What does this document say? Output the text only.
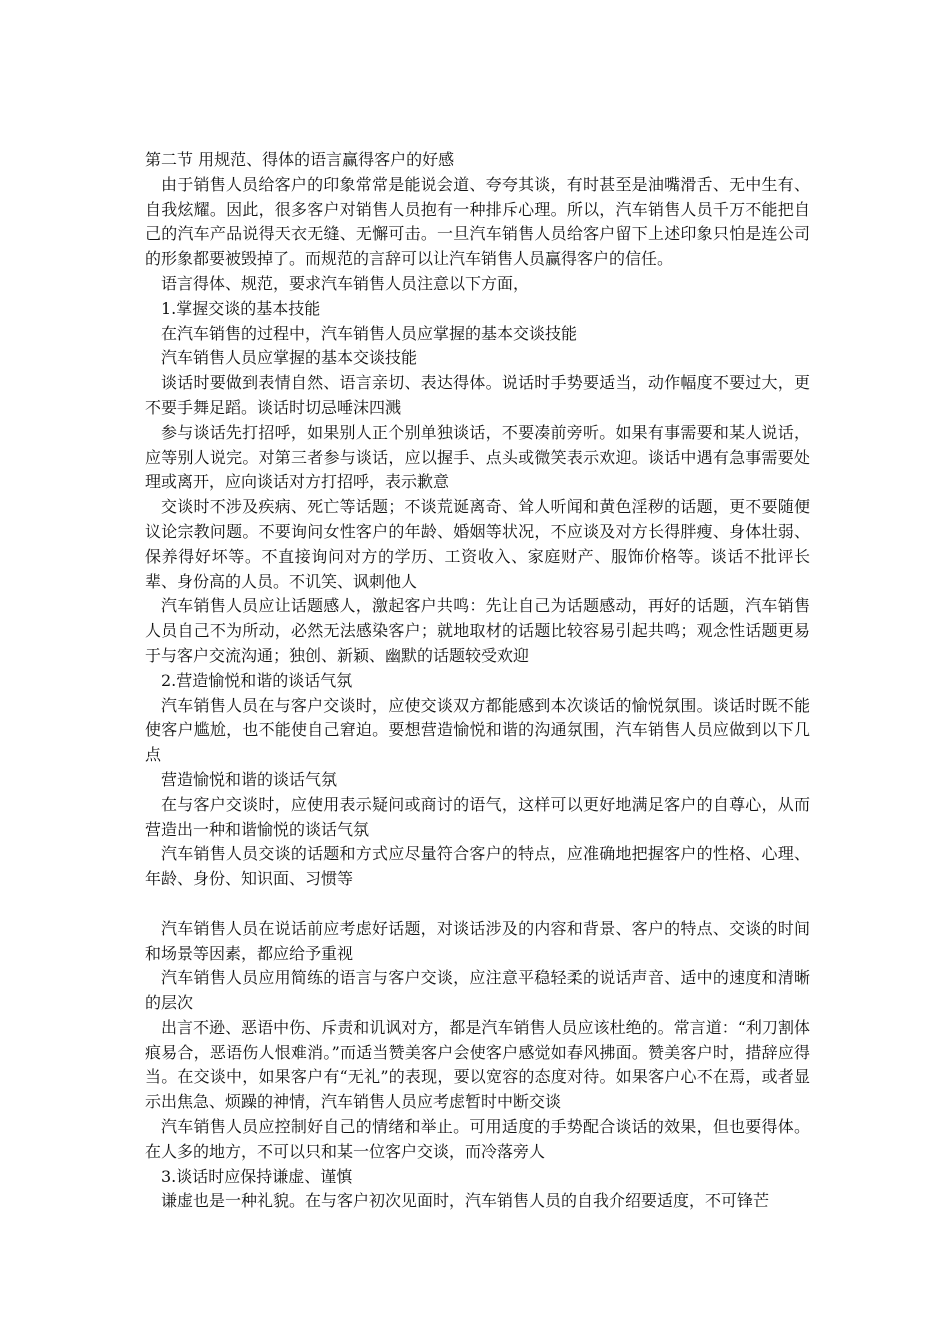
第二节 用规范、得体的语言赢得客户的好感

由于销售人员给客户的印象常常是能说会道、夸夸其谈，有时甚至是油嘴滑舌、无中生有、自我炫耀。因此，很多客户对销售人员抱有一种排斥心理。所以，汽车销售人员千万不能把自己的汽车产品说得天衣无缝、无懈可击。一旦汽车销售人员给客户留下上述印象只怕是连公司的形象都要被毁掉了。而规范的言辞可以让汽车销售人员赢得客户的信任。

语言得体、规范，要求汽车销售人员注意以下方面，

1.掌握交谈的基本技能

在汽车销售的过程中，汽车销售人员应掌握的基本交谈技能

汽车销售人员应掌握的基本交谈技能

谈话时要做到表情自然、语言亲切、表达得体。说话时手势要适当，动作幅度不要过大，更不要手舞足蹈。谈话时切忌唾沫四溅

参与谈话先打招呼，如果别人正个别单独谈话，不要凑前旁听。如果有事需要和某人说话，应等别人说完。对第三者参与谈话，应以握手、点头或微笑表示欢迎。谈话中遇有急事需要处理或离开，应向谈话对方打招呼，表示歉意

交谈时不涉及疾病、死亡等话题；不谈荒诞离奇、耸人听闻和黄色淫秽的话题，更不要随便议论宗教问题。不要询问女性客户的年龄、婚姻等状况，不应谈及对方长得胖瘦、身体壮弱、保养得好坏等。不直接询问对方的学历、工资收入、家庭财产、服饰价格等。谈话不批评长辈、身份高的人员。不讥笑、讽刺他人

汽车销售人员应让话题感人，激起客户共鸣：先让自己为话题感动，再好的话题，汽车销售人员自己不为所动，必然无法感染客户；就地取材的话题比较容易引起共鸣；观念性话题更易于与客户交流沟通；独创、新颖、幽默的话题较受欢迎

2.营造愉悦和谐的谈话气氛

汽车销售人员在与客户交谈时，应使交谈双方都能感到本次谈话的愉悦氛围。谈话时既不能使客户尴尬，也不能使自己窘迫。要想营造愉悦和谐的沟通氛围，汽车销售人员应做到以下几点

营造愉悦和谐的谈话气氛

在与客户交谈时，应使用表示疑问或商讨的语气，这样可以更好地满足客户的自尊心，从而营造出一种和谐愉悦的谈话气氛

汽车销售人员交谈的话题和方式应尽量符合客户的特点，应准确地把握客户的性格、心理、年龄、身份、知识面、习惯等

汽车销售人员在说话前应考虑好话题，对谈话涉及的内容和背景、客户的特点、交谈的时间和场景等因素，都应给予重视

汽车销售人员应用简练的语言与客户交谈，应注意平稳轻柔的说话声音、适中的速度和清晰的层次

出言不逊、恶语中伤、斥责和讥讽对方，都是汽车销售人员应该杜绝的。常言道：“利刀割体痕易合，恶语伤人恨难消。”而适当赞美客户会使客户感觉如春风拂面。赞美客户时，措辞应得当。在交谈中，如果客户有“无礼”的表现，要以宽容的态度对待。如果客户心不在焉，或者显示出焦急、烦躁的神情，汽车销售人员应考虑暂时中断交谈

汽车销售人员应控制好自己的情绪和举止。可用适度的手势配合谈话的效果，但也要得体。在人多的地方，不可以只和某一位客户交谈，而冷落旁人

3.谈话时应保持谦虚、谨慎

谦虚也是一种礼貌。在与客户初次见面时，汽车销售人员的自我介绍要适度，不可锋芒
